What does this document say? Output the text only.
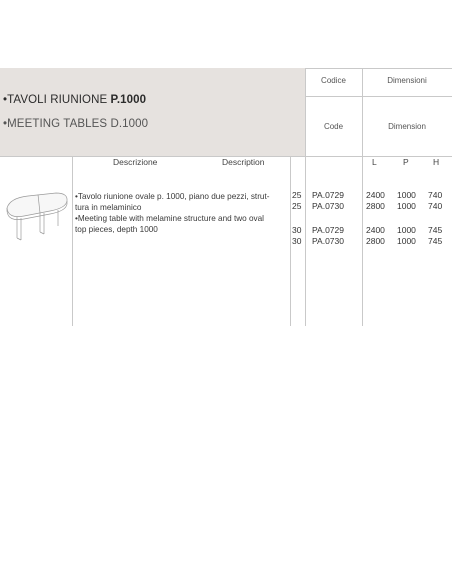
•TAVOLI RIUNIONE P.1000
•MEETING TABLES D.1000
Codice	Dimensioni
Code	Dimension
Descrizione	Description	L	P	H
•Tavolo riunione ovale p. 1000, piano due pezzi, strut-
tura in melaminico
•Meeting table with melamine structure and two oval
top pieces, depth 1000
25 PA.0729	2400 1000 740
25 PA.0730	2800 1000 740
30 PA.0729	2400 1000 745
30 PA.0730	2800 1000 745
